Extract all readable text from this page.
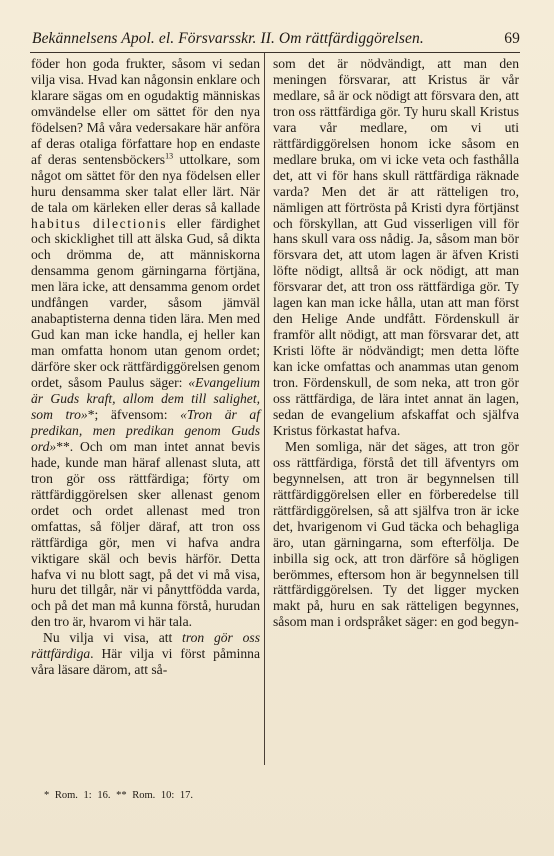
Bekännelsens Apol. el. Försvarsskr. II. Om rättfärdiggörelsen.	69

föder hon goda frukter, såsom vi sedan vilja visa. Hvad kan någonsin enklare och klarare sägas om en ogudaktig människas omvändelse eller om sättet för den nya födelsen? Må våra vedersakare här anföra af deras otaliga författare hop en endaste af deras sentensböckers$^{13}$ uttolkare, som något om sättet för den nya födelsen eller huru densamma sker talat eller lärt. När de tala om kärleken eller deras så kallade habitus dilectionis eller färdighet och skicklighet till att älska Gud, så dikta och drömma de, att människorna densamma genom gärningarna förtjäna, men lära icke, att densamma genom ordet undfången varder, såsom jämväl anabaptisterna denna tiden lära. Men med Gud kan man icke handla, ej heller kan man omfatta honom utan genom ordet; därföre sker ock rättfärdiggörelsen genom ordet, såsom Paulus säger: «Evangelium är Guds kraft, allom dem till salighet, som tro»*; äfvensom: «Tron är af predikan, men predikan genom Guds ord»**. Och om man intet annat bevis hade, kunde man häraf allenast sluta, att tron gör oss rättfärdiga; förty om rättfärdiggörelsen sker allenast genom ordet och ordet allenast med tron omfattas, så följer däraf, att tron oss rättfärdiga gör, men vi hafva andra viktigare skäl och bevis härför. Detta hafva vi nu blott sagt, på det vi må visa, huru det tillgår, när vi pånyttfödda varda, och på det man må kunna förstå, hurudan den tro är, hvarom vi här tala.

Nu vilja vi visa, att tron gör oss rättfärdiga. Här vilja vi först påminna våra läsare därom, att så-

som det är nödvändigt, att man den meningen försvarar, att Kristus är vår medlare, så är ock nödigt att försvara den, att tron oss rättfärdiga gör. Ty huru skall Kristus vara vår medlare, om vi uti rättfärdiggörelsen honom icke såsom en medlare bruka, om vi icke veta och fasthålla det, att vi för hans skull rättfärdiga räknade varda? Men det är att rätteligen tro, nämligen att förtrösta på Kristi dyra förtjänst och förskyllan, att Gud visserligen vill för hans skull vara oss nådig. Ja, såsom man bör försvara det, att utom lagen är äfven Kristi löfte nödigt, alltså är ock nödigt, att man försvarar det, att tron oss rättfärdiga gör. Ty lagen kan man icke hålla, utan att man först den Helige Ande undfått. Fördenskull är framför allt nödigt, att man försvarar det, att Kristi löfte är nödvändigt; men detta löfte kan icke omfattas och anammas utan genom tron. Fördenskull, de som neka, att tron gör oss rättfärdiga, de lära intet annat än lagen, sedan de evangelium afskaffat och själfva Kristus förkastat hafva.

Men somliga, när det säges, att tron gör oss rättfärdiga, förstå det till äfventyrs om begynnelsen, att tron är begynnelsen till rättfärdiggörelsen eller en förberedelse till rättfärdiggörelsen, så att själfva tron är icke det, hvarigenom vi Gud täcka och behagliga äro, utan gärningarna, som efterfölja. De inbilla sig ock, att tron därföre så högligen berömmes, eftersom hon är begynnelsen till rättfärdiggörelsen. Ty det ligger mycken makt på, huru en sak rätteligen begynnes, såsom man i ordspråket säger: en god begyn-

* Rom. 1: 16. ** Rom. 10: 17.
